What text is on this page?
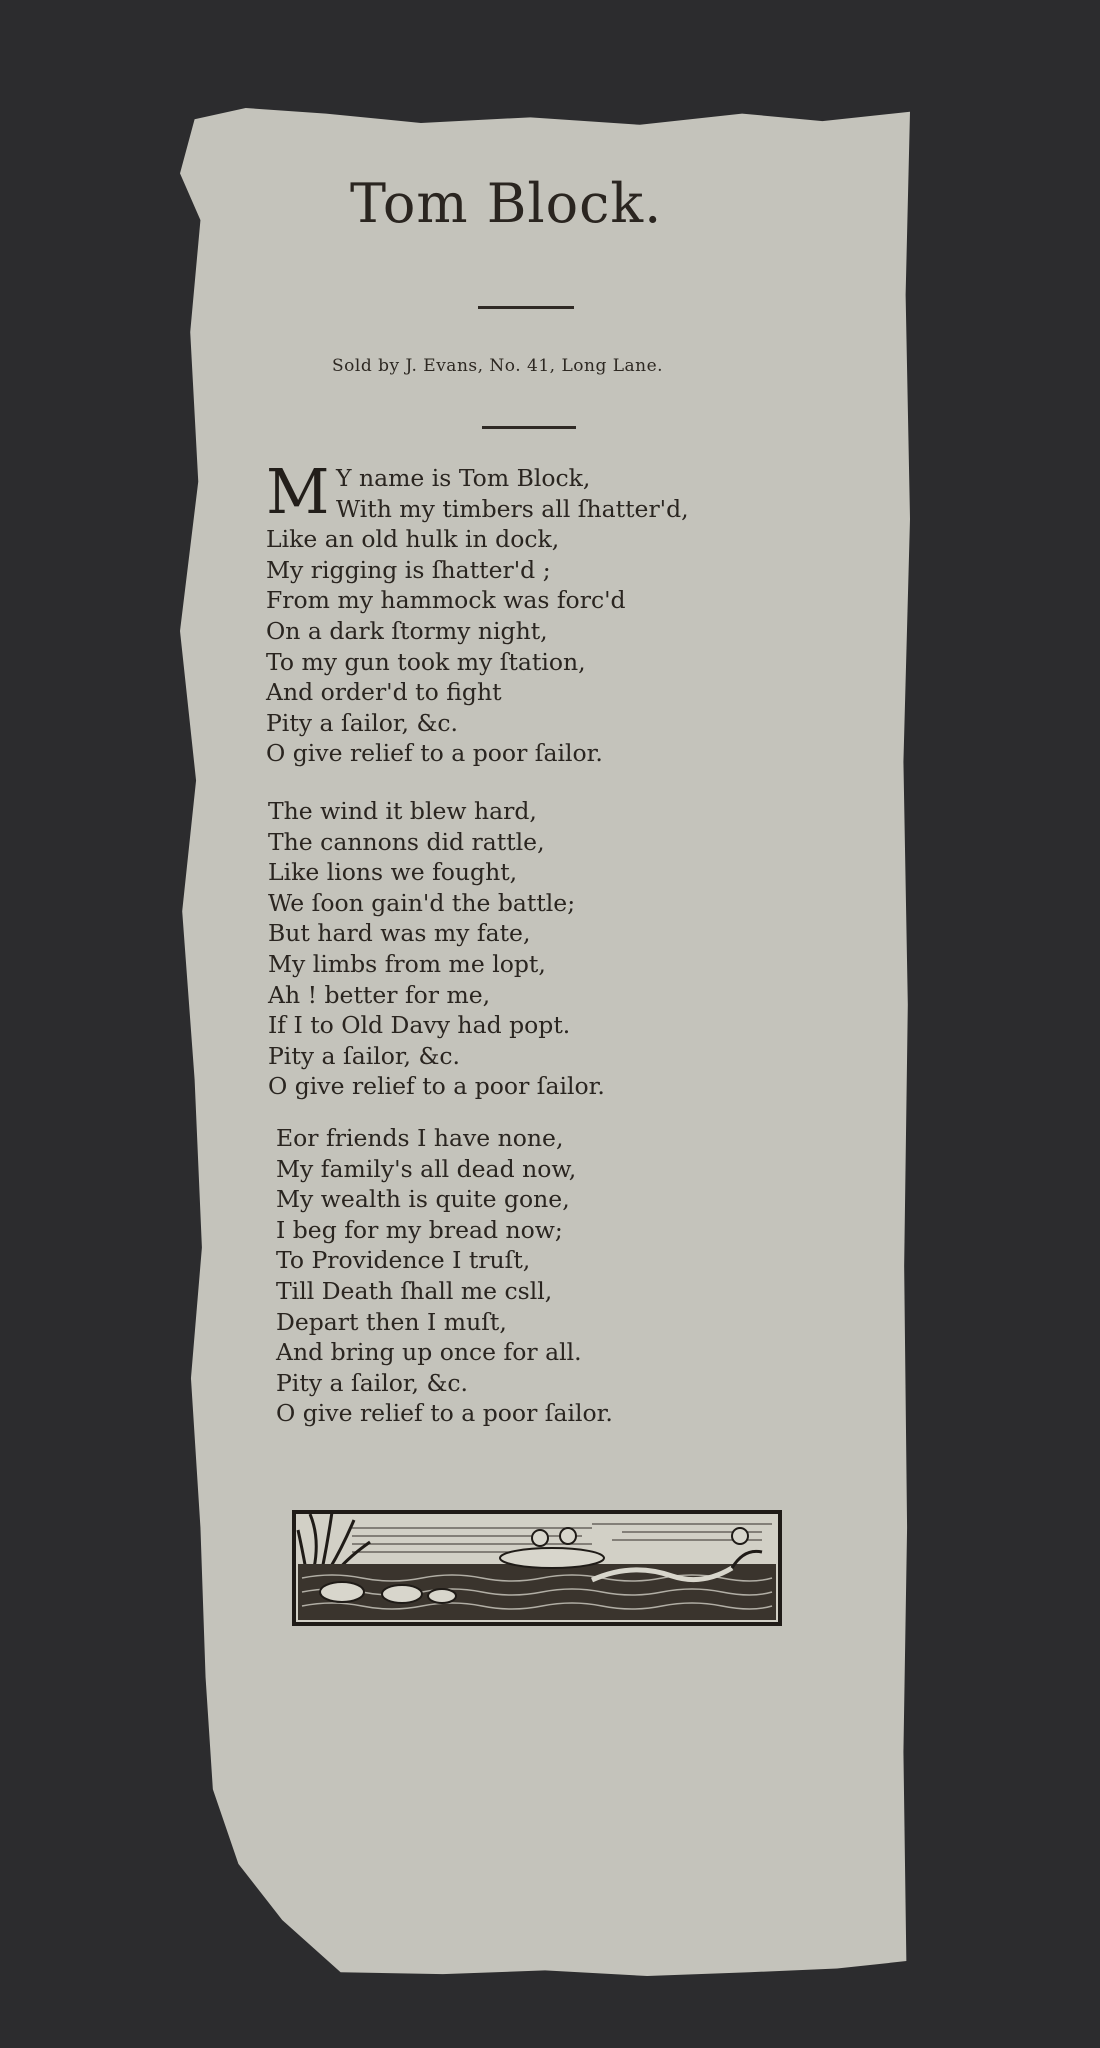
Tom Block.
Sold by J. Evans, No. 41, Long Lane.
M Y name is Tom Block,
With my timbers all ſhatter'd,
Like an old hulk in dock,
My rigging is ſhatter'd ;
From my hammock was forc'd
On a dark ſtormy night,
To my gun took my ſtation,
And order'd to fight
Pity a ſailor, &c.
O give relief to a poor ſailor.
The wind it blew hard,
The cannons did rattle,
Like lions we fought,
We ſoon gain'd the battle;
But hard was my fate,
My limbs from me lopt,
Ah ! better for me,
If I to Old Davy had popt.
Pity a ſailor, &c.
O give relief to a poor ſailor.
Eor friends I have none,
My family's all dead now,
My wealth is quite gone,
I beg for my bread now;
To Providence I truſt,
Till Death ſhall me csll,
Depart then I muſt,
And bring up once for all.
Pity a ſailor, &c.
O give relief to a poor ſailor.
